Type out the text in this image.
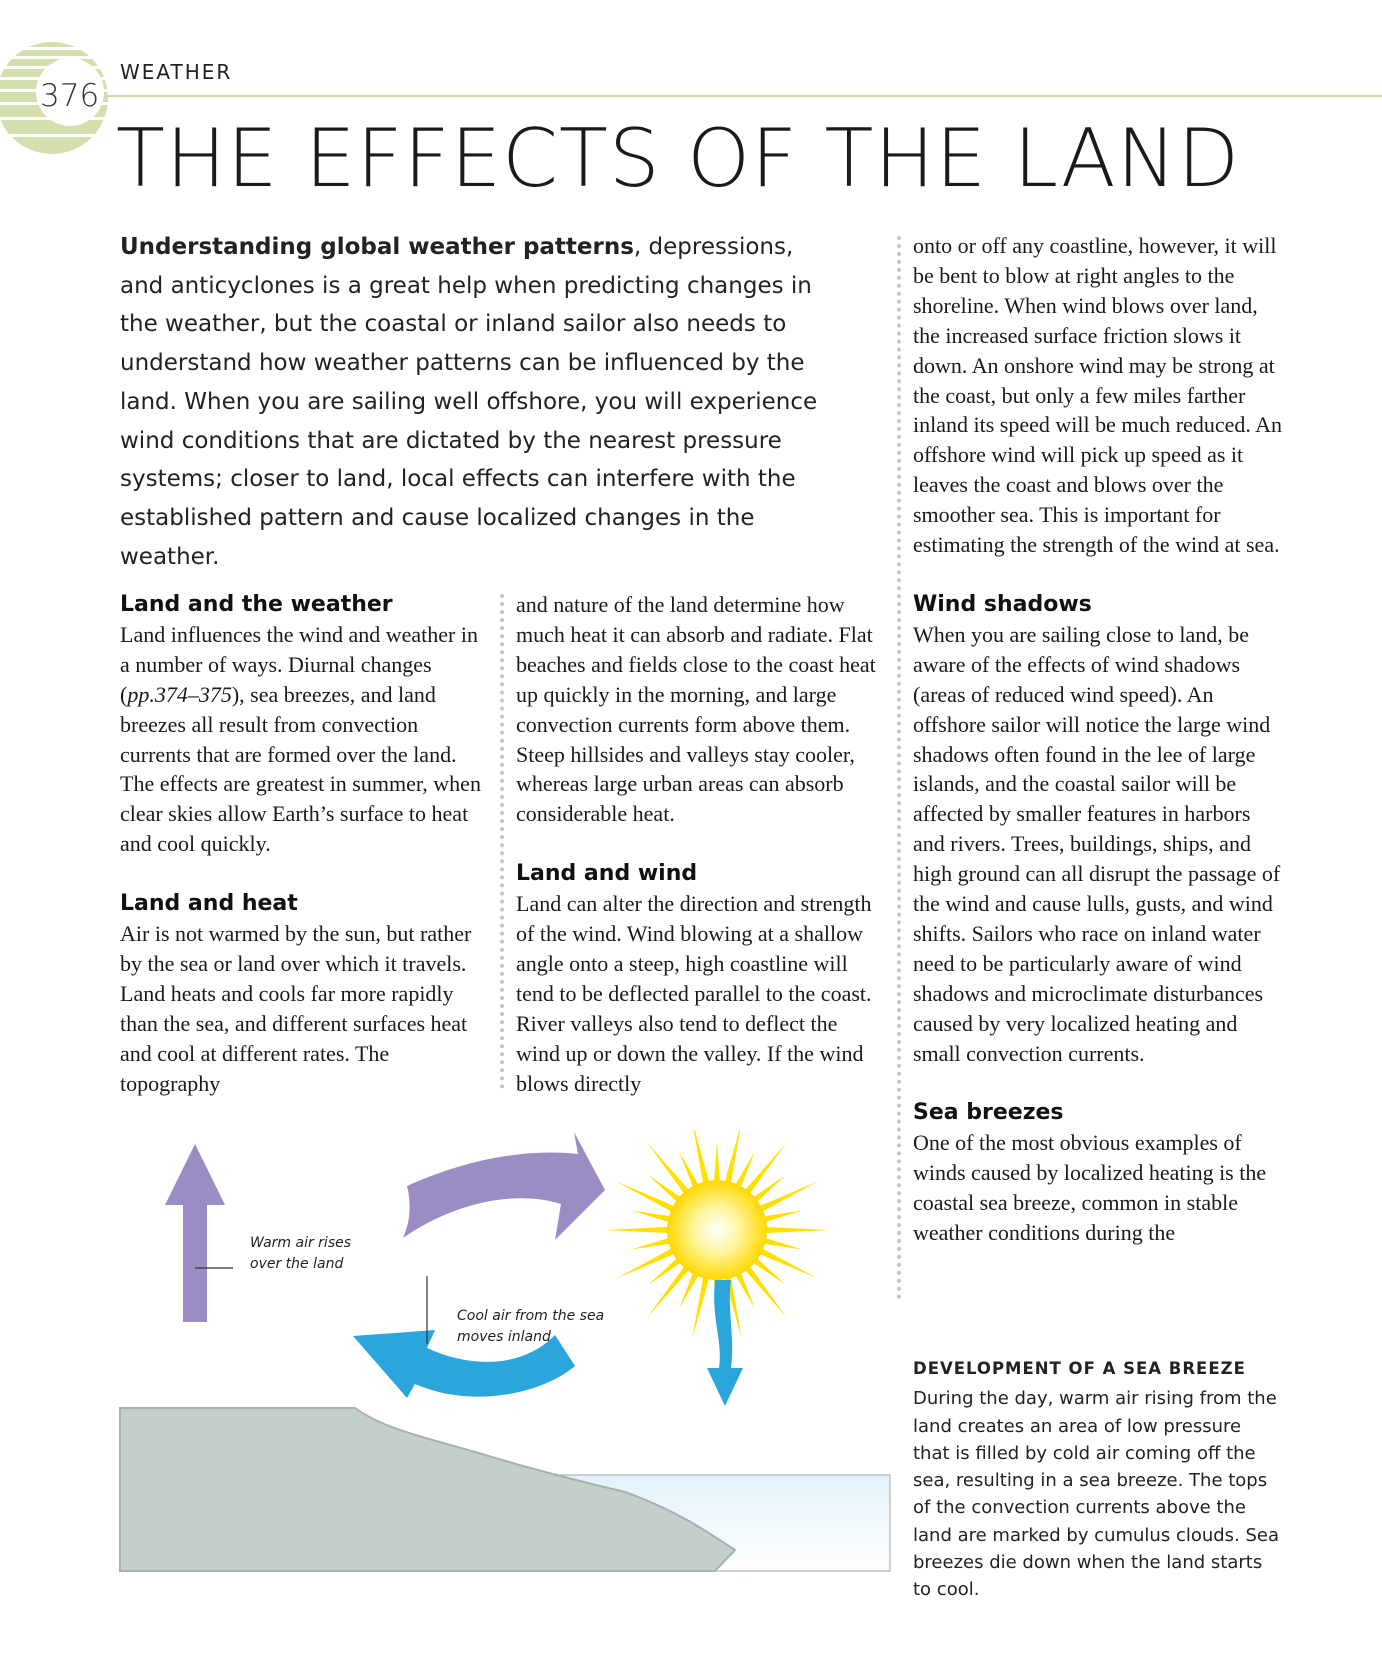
376
WEATHER
THE EFFECTS OF THE LAND
Understanding global weather patterns, depressions, and anticyclones is a great help when predicting changes in the weather, but the coastal or inland sailor also needs to understand how weather patterns can be influenced by the land. When you are sailing well offshore, you will experience wind conditions that are dictated by the nearest pressure systems; closer to land, local effects can interfere with the established pattern and cause localized changes in the weather.
Land and the weather

Land influences the wind and weather in a number of ways. Diurnal changes (pp.374–375), sea breezes, and land breezes all result from convection currents that are formed over the land. The effects are greatest in summer, when clear skies allow Earth’s surface to heat and cool quickly.

Land and heat

Air is not warmed by the sun, but rather by the sea or land over which it travels. Land heats and cools far more rapidly than the sea, and different surfaces heat and cool at different rates. The topography

and nature of the land determine how much heat it can absorb and radiate. Flat beaches and fields close to the coast heat up quickly in the morning, and large convection currents form above them. Steep hillsides and valleys stay cooler, whereas large urban areas can absorb considerable heat.

Land and wind

Land can alter the direction and strength of the wind. Wind blowing at a shallow angle onto a steep, high coastline will tend to be deflected parallel to the coast. River valleys also tend to deflect the wind up or down the valley. If the wind blows directly

onto or off any coastline, however, it will be bent to blow at right angles to the shoreline. When wind blows over land, the increased surface friction slows it down. An onshore wind may be strong at the coast, but only a few miles farther inland its speed will be much reduced. An offshore wind will pick up speed as it leaves the coast and blows over the smoother sea. This is important for estimating the strength of the wind at sea.

Wind shadows

When you are sailing close to land, be aware of the effects of wind shadows (areas of reduced wind speed). An offshore sailor will notice the large wind shadows often found in the lee of large islands, and the coastal sailor will be affected by smaller features in harbors and rivers. Trees, buildings, ships, and high ground can all disrupt the passage of the wind and cause lulls, gusts, and wind shifts. Sailors who race on inland water need to be particularly aware of wind shadows and microclimate disturbances caused by very localized heating and small convection currents.

Sea breezes

One of the most obvious examples of winds caused by localized heating is the coastal sea breeze, common in stable weather conditions during the

DEVELOPMENT OF A SEA BREEZE
During the day, warm air rising from the land creates an area of low pressure that is filled by cold air coming off the sea, resulting in a sea breeze. The tops of the convection currents above the land are marked by cumulus clouds. Sea breezes die down when the land starts to cool.
Warm air rises over the land
Cool air from the sea moves inland
